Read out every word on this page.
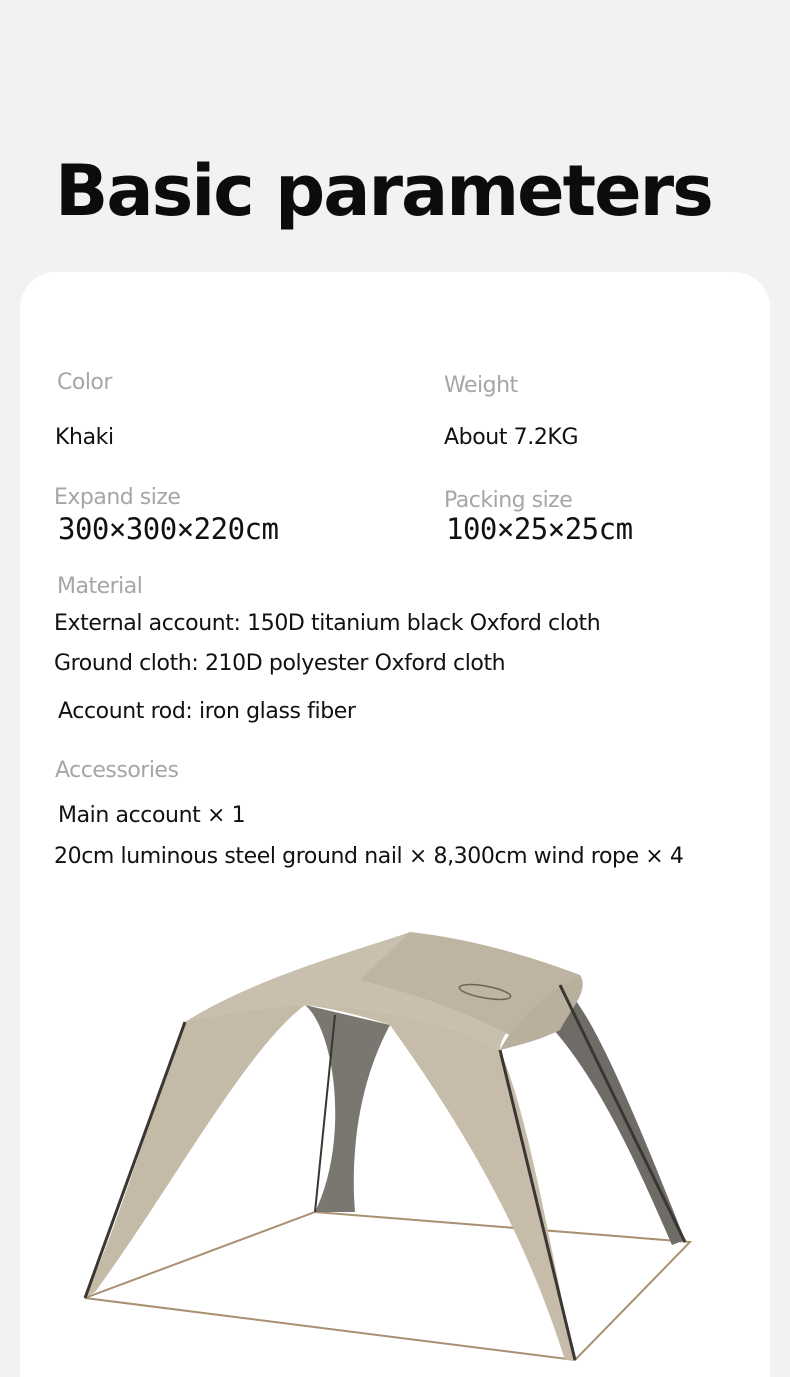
Basic parameters
Color
Khaki
Weight
About 7.2KG
Expand size
300×300×220cm
Packing size
100×25×25cm
Material
External account: 150D titanium black Oxford cloth
Ground cloth: 210D polyester Oxford cloth
Account rod: iron glass fiber
Accessories
Main account × 1
20cm luminous steel ground nail × 8,300cm wind rope × 4
